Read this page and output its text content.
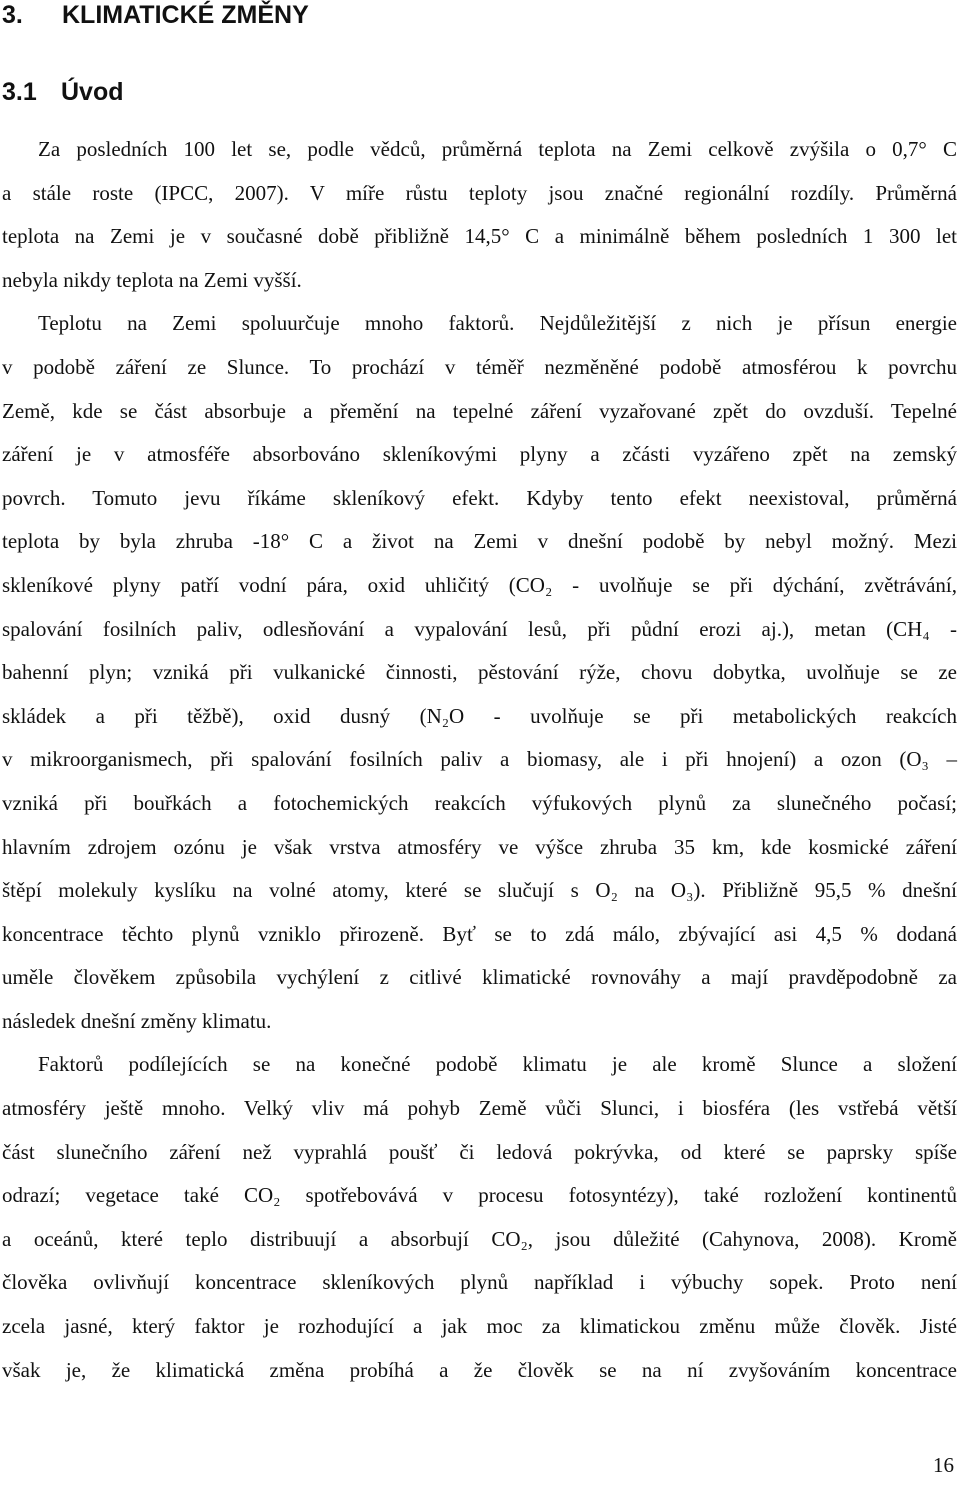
3. KLIMATICKÉ ZMĚNY
3.1 Úvod
Za posledních 100 let se, podle vědců, průměrná teplota na Zemi celkově zvýšila o 0,7° C
a stále roste (IPCC, 2007). V míře růstu teploty jsou značné regionální rozdíly. Průměrná
teplota na Zemi je v současné době přibližně 14,5° C a minimálně během posledních 1 300 let
nebyla nikdy teplota na Zemi vyšší.
Teplotu na Zemi spoluurčuje mnoho faktorů. Nejdůležitější z nich je přísun energie
v podobě záření ze Slunce. To prochází v téměř nezměněné podobě atmosférou k povrchu
Země, kde se část absorbuje a přemění na tepelné záření vyzařované zpět do ovzduší. Tepelné
záření je v atmosféře absorbováno skleníkovými plyny a zčásti vyzářeno zpět na zemský
povrch. Tomuto jevu říkáme skleníkový efekt. Kdyby tento efekt neexistoval, průměrná
teplota by byla zhruba -18° C a život na Zemi v dnešní podobě by nebyl možný. Mezi
skleníkové plyny patří vodní pára, oxid uhličitý (CO₂ - uvolňuje se při dýchání, zvětrávání,
spalování fosilních paliv, odlesňování a vypalování lesů, při půdní erozi aj.), metan (CH₄ -
bahenní plyn; vzniká při vulkanické činnosti, pěstování rýže, chovu dobytka, uvolňuje se ze
skládek a při těžbě), oxid dusný (N₂O - uvolňuje se při metabolických reakcích
v mikroorganismech, při spalování fosilních paliv a biomasy, ale i při hnojení) a ozon (O₃ –
vzniká při bouřkách a fotochemických reakcích výfukových plynů za slunečného počasí;
hlavním zdrojem ozónu je však vrstva atmosféry ve výšce zhruba 35 km, kde kosmické záření
štěpí molekuly kyslíku na volné atomy, které se slučují s O₂ na O₃). Přibližně 95,5 % dnešní
koncentrace těchto plynů vzniklo přirozeně. Byť se to zdá málo, zbývající asi 4,5 % dodaná
uměle člověkem způsobila vychýlení z citlivé klimatické rovnováhy a mají pravděpodobně za
následek dnešní změny klimatu.
Faktorů podílejících se na konečné podobě klimatu je ale kromě Slunce a složení
atmosféry ještě mnoho. Velký vliv má pohyb Země vůči Slunci, i biosféra (les vstřebá větší
část slunečního záření než vyprahlá poušť či ledová pokrývka, od které se paprsky spíše
odrazí; vegetace také CO₂ spotřebovává v procesu fotosyntézy), také rozložení kontinentů
a oceánů, které teplo distribuují a absorbují CO₂, jsou důležité (Cahynova, 2008). Kromě
člověka ovlivňují koncentrace skleníkových plynů například i výbuchy sopek. Proto není
zcela jasné, který faktor je rozhodující a jak moc za klimatickou změnu může člověk. Jisté
však je, že klimatická změna probíhá a že člověk se na ní zvyšováním koncentrace
16
